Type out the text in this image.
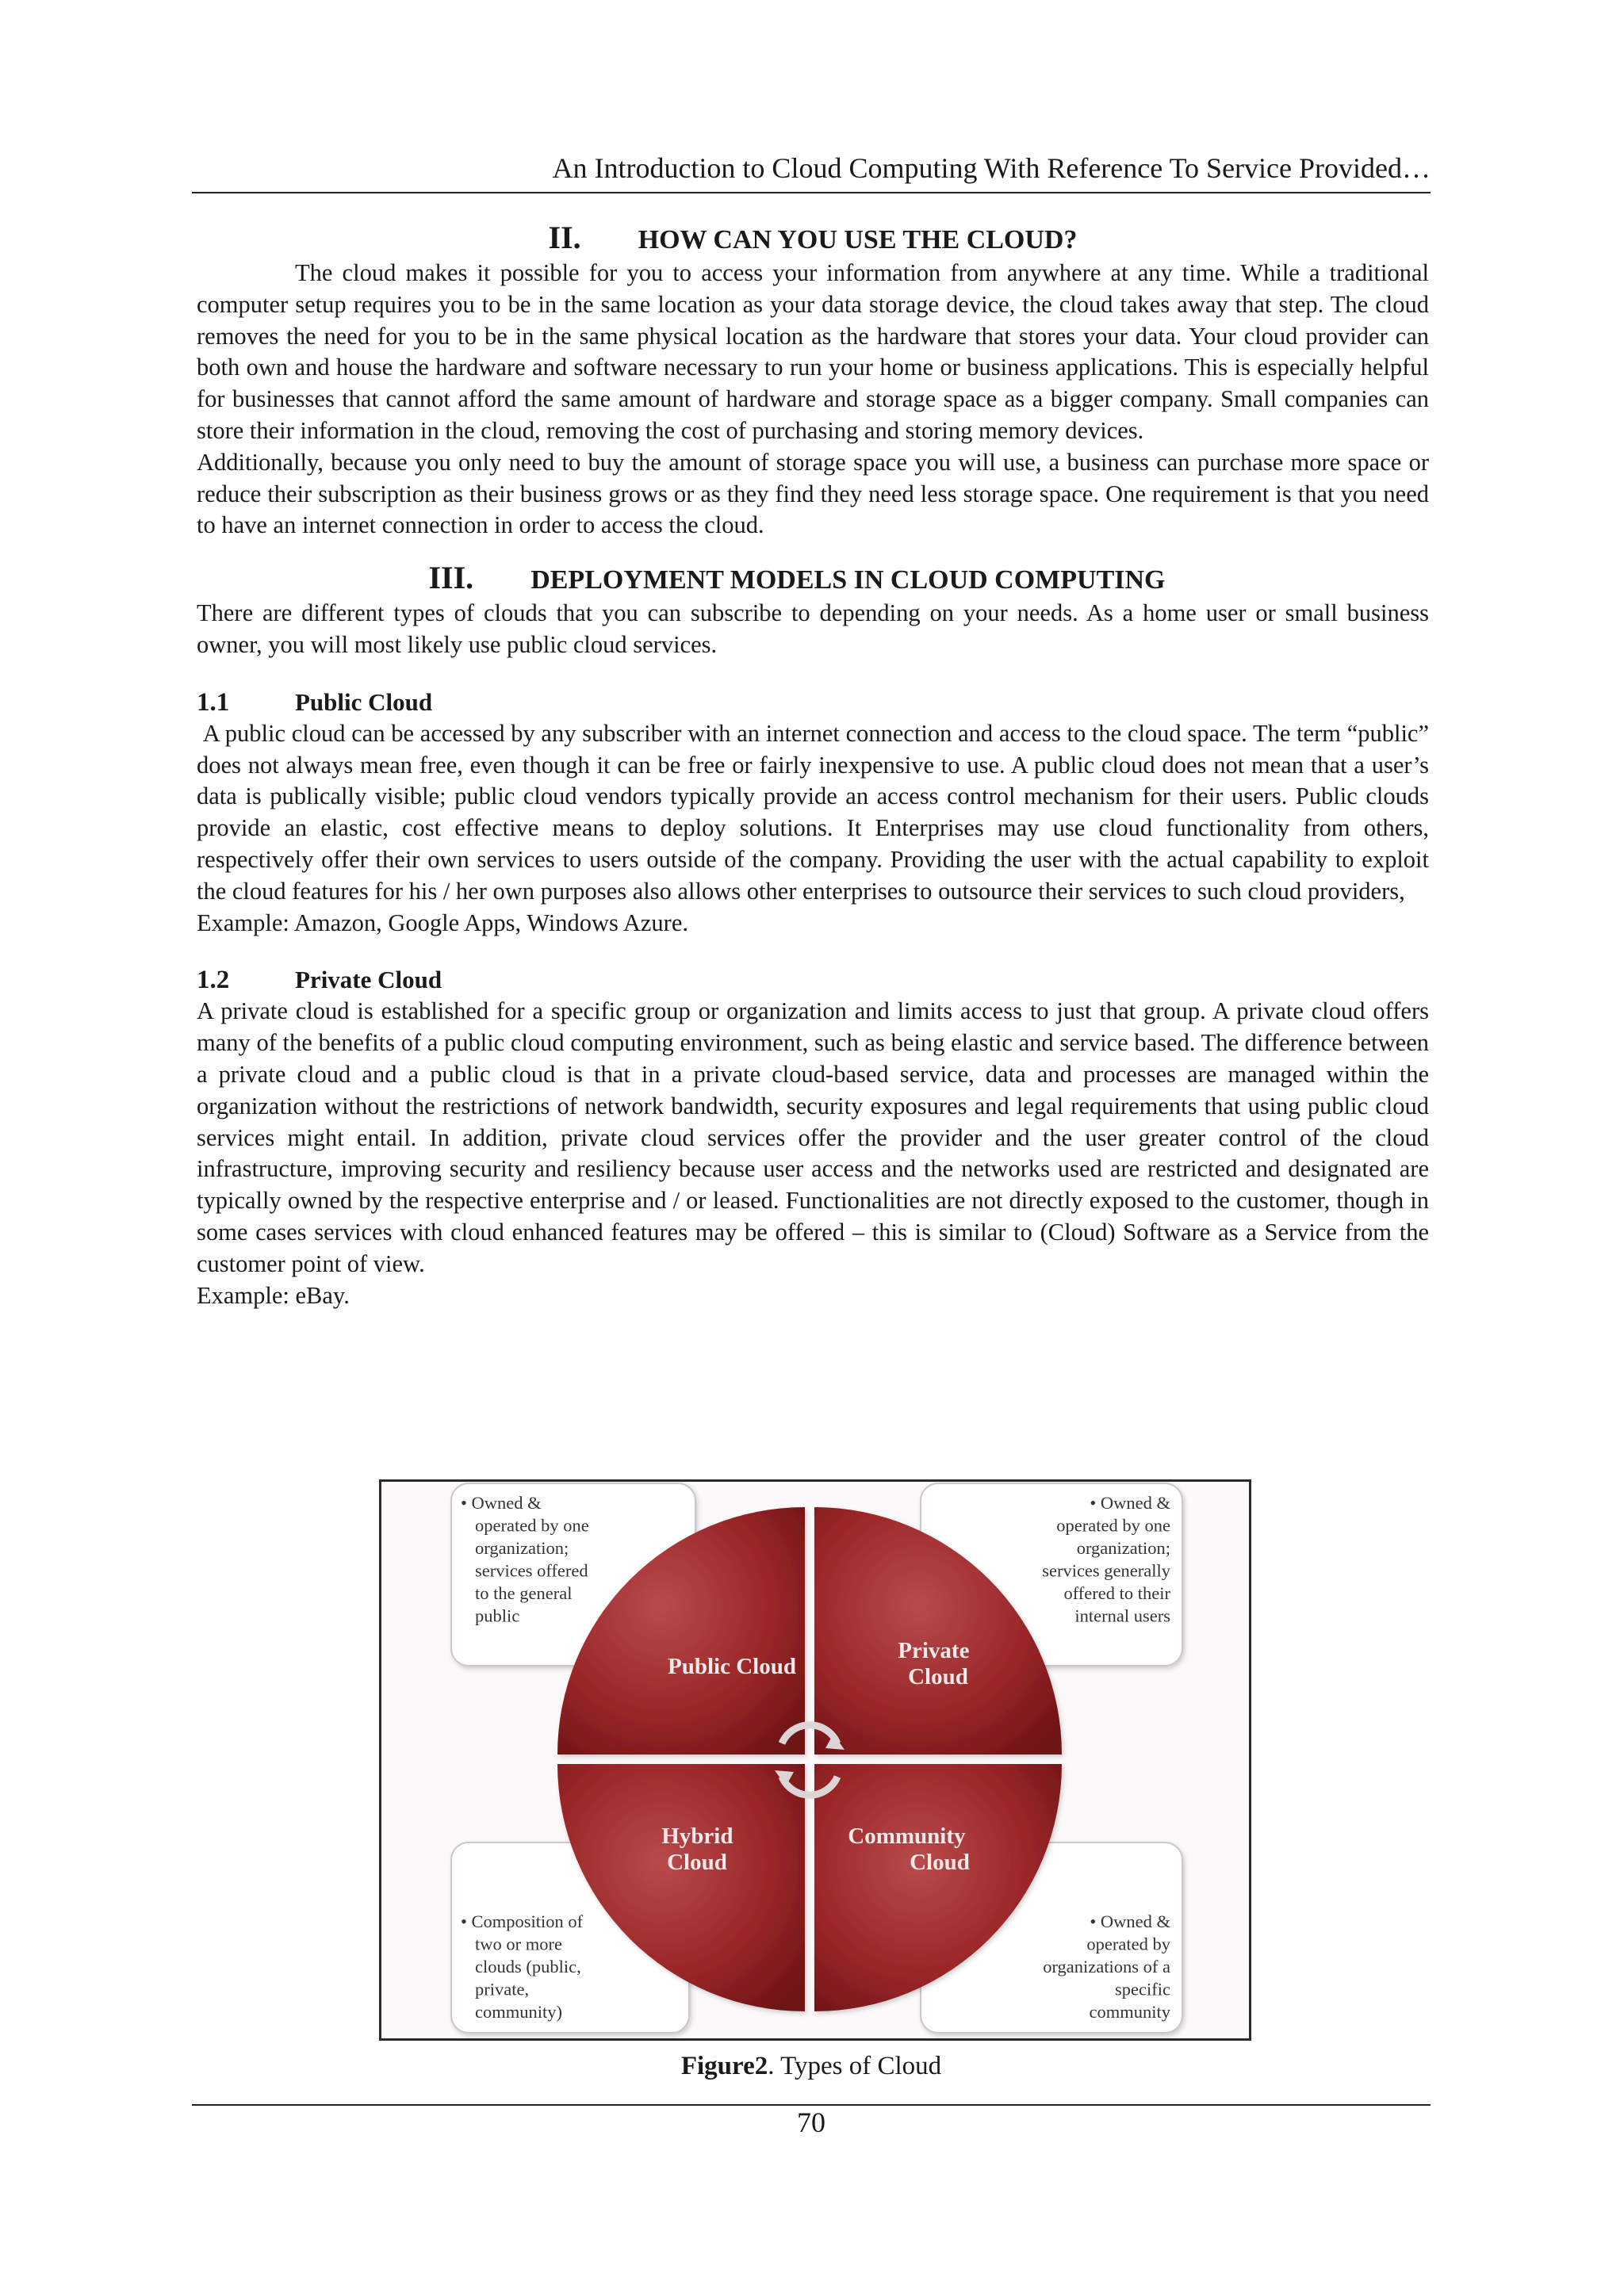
An Introduction to Cloud Computing With Reference To Service Provided…
II. HOW CAN YOU USE THE CLOUD?

The cloud makes it possible for you to access your information from anywhere at any time. While a traditional computer setup requires you to be in the same location as your data storage device, the cloud takes away that step. The cloud removes the need for you to be in the same physical location as the hardware that stores your data. Your cloud provider can both own and house the hardware and software necessary to run your home or business applications. This is especially helpful for businesses that cannot afford the same amount of hardware and storage space as a bigger company. Small companies can store their information in the cloud, removing the cost of purchasing and storing memory devices.

Additionally, because you only need to buy the amount of storage space you will use, a business can purchase more space or reduce their subscription as their business grows or as they find they need less storage space. One requirement is that you need to have an internet connection in order to access the cloud.

III. DEPLOYMENT MODELS IN CLOUD COMPUTING

There are different types of clouds that you can subscribe to depending on your needs. As a home user or small business owner, you will most likely use public cloud services.

1.1	Public Cloud

A public cloud can be accessed by any subscriber with an internet connection and access to the cloud space. The term “public” does not always mean free, even though it can be free or fairly inexpensive to use. A public cloud does not mean that a user’s data is publically visible; public cloud vendors typically provide an access control mechanism for their users. Public clouds provide an elastic, cost effective means to deploy solutions. It Enterprises may use cloud functionality from others, respectively offer their own services to users outside of the company. Providing the user with the actual capability to exploit the cloud features for his / her own purposes also allows other enterprises to outsource their services to such cloud providers,

Example: Amazon, Google Apps, Windows Azure.

1.2	Private Cloud

A private cloud is established for a specific group or organization and limits access to just that group. A private cloud offers many of the benefits of a public cloud computing environment, such as being elastic and service based. The difference between a private cloud and a public cloud is that in a private cloud-based service, data and processes are managed within the organization without the restrictions of network bandwidth, security exposures and legal requirements that using public cloud services might entail. In addition, private cloud services offer the provider and the user greater control of the cloud infrastructure, improving security and resiliency because user access and the networks used are restricted and designated are typically owned by the respective enterprise and / or leased. Functionalities are not directly exposed to the customer, though in some cases services with cloud enhanced features may be offered – this is similar to (Cloud) Software as a Service from the customer point of view.

Example: eBay.

Public Cloud
Private Cloud
Hybrid Cloud
Community Cloud
• Owned & operated by one organization; services offered to the general public
• Owned & operated by one organization; services generally offered to their internal users
• Composition of two or more clouds (public, private, community)
• Owned & operated by organizations of a specific community
Figure2. Types of Cloud
70
